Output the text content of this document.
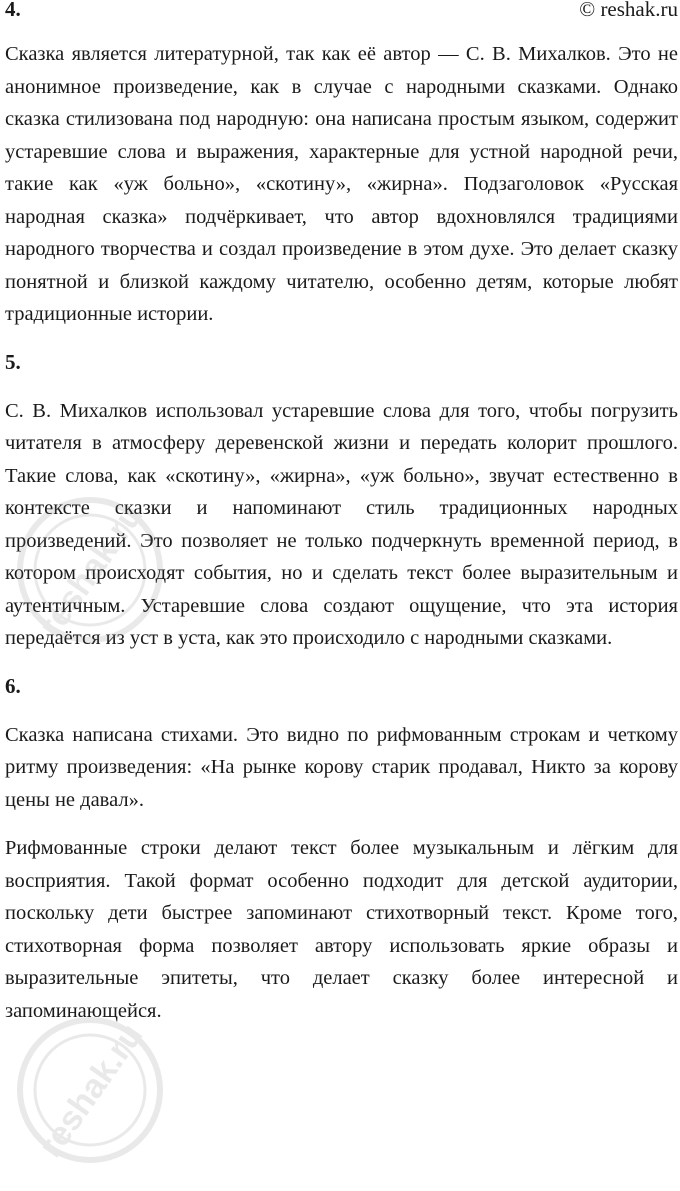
4.	© reshak.ru

Сказка является литературной, так как её автор — С. В. Михалков. Это не анонимное произведение, как в случае с народными сказками. Однако сказка стилизована под народную: она написана простым языком, содержит устаревшие слова и выражения, характерные для устной народной речи, такие как «уж больно», «скотину», «жирна». Подзаголовок «Русская народная сказка» подчёркивает, что автор вдохновлялся традициями народного творчества и создал произведение в этом духе. Это делает сказку понятной и близкой каждому читателю, особенно детям, которые любят традиционные истории.

5.

С. В. Михалков использовал устаревшие слова для того, чтобы погрузить читателя в атмосферу деревенской жизни и передать колорит прошлого. Такие слова, как «скотину», «жирна», «уж больно», звучат естественно в контексте сказки и напоминают стиль традиционных народных произведений. Это позволяет не только подчеркнуть временной период, в котором происходят события, но и сделать текст более выразительным и аутентичным. Устаревшие слова создают ощущение, что эта история передаётся из уст в уста, как это происходило с народными сказками.

6.

Сказка написана стихами. Это видно по рифмованным строкам и четкому ритму произведения: «На рынке корову старик продавал, Никто за корову цены не давал».

Рифмованные строки делают текст более музыкальным и лёгким для восприятия. Такой формат особенно подходит для детской аудитории, поскольку дети быстрее запоминают стихотворный текст. Кроме того, стихотворная форма позволяет автору использовать яркие образы и выразительные эпитеты, что делает сказку более интересной и запоминающейся.

reshak.ru
reshak.ru
